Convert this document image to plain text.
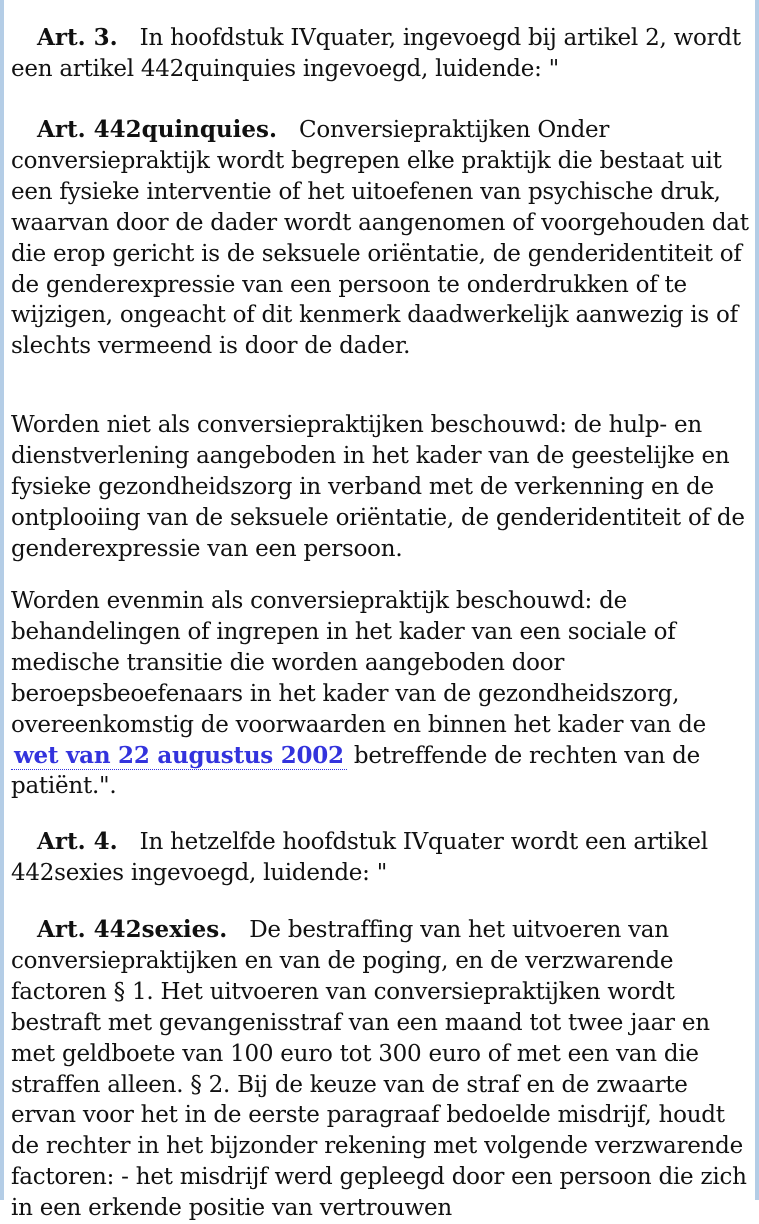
Art. 3. In hoofdstuk IVquater, ingevoegd bij artikel 2, wordt een artikel 442quinquies ingevoegd, luidende: "

Art. 442quinquies. Conversiepraktijken Onder conversiepraktijk wordt begrepen elke praktijk die bestaat uit een fysieke interventie of het uitoefenen van psychische druk, waarvan door de dader wordt aangenomen of voorgehouden dat die erop gericht is de seksuele oriëntatie, de genderidentiteit of de genderexpressie van een persoon te onderdrukken of te wijzigen, ongeacht of dit kenmerk daadwerkelijk aanwezig is of slechts vermeend is door de dader.

Worden niet als conversiepraktijken beschouwd: de hulp- en dienstverlening aangeboden in het kader van de geestelijke en fysieke gezondheidszorg in verband met de verkenning en de ontplooiing van de seksuele oriëntatie, de genderidentiteit of de genderexpressie van een persoon.

Worden evenmin als conversiepraktijk beschouwd: de behandelingen of ingrepen in het kader van een sociale of medische transitie die worden aangeboden door beroepsbeoefenaars in het kader van de gezondheidszorg, overeenkomstig de voorwaarden en binnen het kader van de wet van 22 augustus 2002 betreffende de rechten van de patiënt.".

Art. 4. In hetzelfde hoofdstuk IVquater wordt een artikel 442sexies ingevoegd, luidende: "

Art. 442sexies. De bestraffing van het uitvoeren van conversiepraktijken en van de poging, en de verzwarende factoren § 1. Het uitvoeren van conversiepraktijken wordt bestraft met gevangenisstraf van een maand tot twee jaar en met geldboete van 100 euro tot 300 euro of met een van die straffen alleen. § 2. Bij de keuze van de straf en de zwaarte ervan voor het in de eerste paragraaf bedoelde misdrijf, houdt de rechter in het bijzonder rekening met volgende verzwarende factoren: - het misdrijf werd gepleegd door een persoon die zich in een erkende positie van vertrouwen
